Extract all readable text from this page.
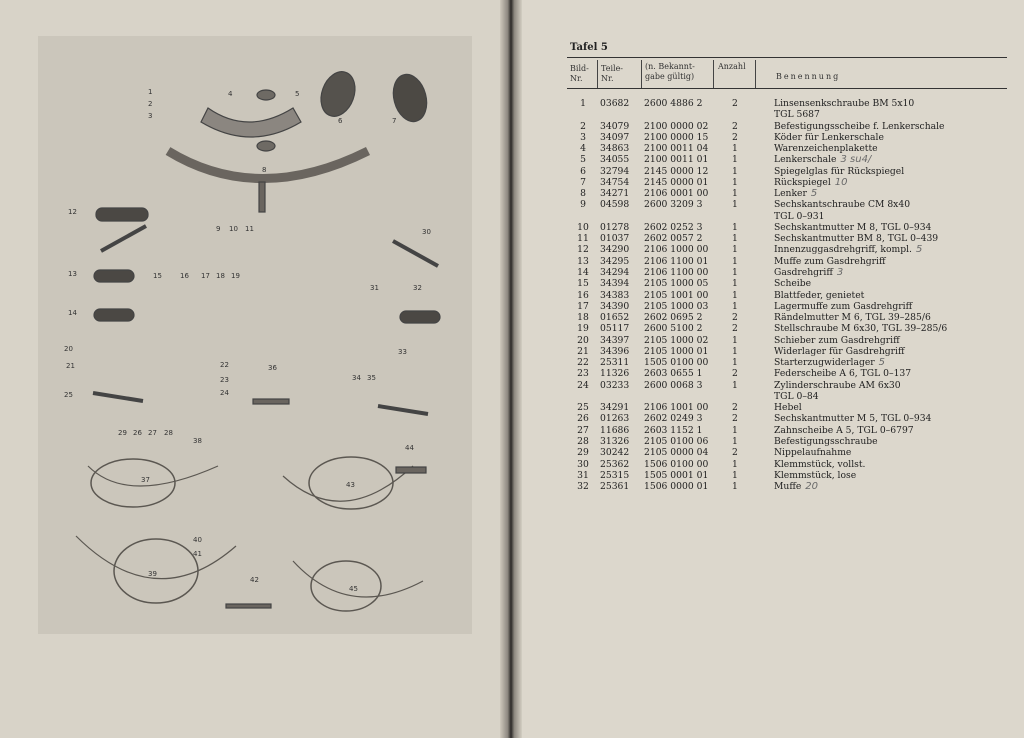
1
2
3
4	5
6	7
8
9 10 11
12
13
14
15	16 17 18 19
20
21	22
23
24
25
26 27 28
29
30
31	32
33
34 35
36
37
38
39
40
41
42
43
44
45
Tafel 5
Bild-
Nr.
Teile-
Nr.
(n. Bekannt-
gabe gültig)
Anzahl
Benennung
1	03682	2600 4886 2	2	Linsensenkschraube BM 5x10
				TGL 5687
2	34079	2100 0000 02	2	Befestigungsscheibe f. Lenkerschale
3	34097	2100 0000 15	2	Köder für Lenkerschale
4	34863	2100 0011 04	1	Warenzeichenplakette
5	34055	2100 0011 01	1	Lenkerschale 3 su4/
6	32794	2145 0000 12	1	Spiegelglas für Rückspiegel
7	34754	2145 0000 01	1	Rückspiegel 10
8	34271	2106 0001 00	1	Lenker 5
9	04598	2600 3209 3	1	Sechskantschraube CM 8x40
				TGL 0–931
10	01278	2602 0252 3	1	Sechskantmutter M 8, TGL 0–934
11	01037	2602 0057 2	1	Sechskantmutter BM 8, TGL 0–439
12	34290	2106 1000 00	1	Innenzuggasdrehgriff, kompl. 5
13	34295	2106 1100 01	1	Muffe zum Gasdrehgriff
14	34294	2106 1100 00	1	Gasdrehgriff 3
15	34394	2105 1000 05	1	Scheibe
16	34383	2105 1001 00	1	Blattfeder, genietet
17	34390	2105 1000 03	1	Lagermuffe zum Gasdrehgriff
18	01652	2602 0695 2	2	Rändelmutter M 6, TGL 39–285/6
19	05117	2600 5100 2	2	Stellschraube M 6x30, TGL 39–285/6
20	34397	2105 1000 02	1	Schieber zum Gasdrehgriff
21	34396	2105 1000 01	1	Widerlager für Gasdrehgriff
22	25311	1505 0100 00	1	Starterzugwiderlager 5
23	11326	2603 0655 1	2	Federscheibe A 6, TGL 0–137
24	03233	2600 0068 3	1	Zylinderschraube AM 6x30
				TGL 0–84
25	34291	2106 1001 00	2	Hebel
26	01263	2602 0249 3	2	Sechskantmutter M 5, TGL 0–934
27	11686	2603 1152 1	1	Zahnscheibe A 5, TGL 0–6797
28	31326	2105 0100 06	1	Befestigungsschraube
29	30242	2105 0000 04	2	Nippelaufnahme
30	25362	1506 0100 00	1	Klemmstück, vollst.
31	25315	1505 0001 01	1	Klemmstück, lose
32	25361	1506 0000 01	1	Muffe 20
